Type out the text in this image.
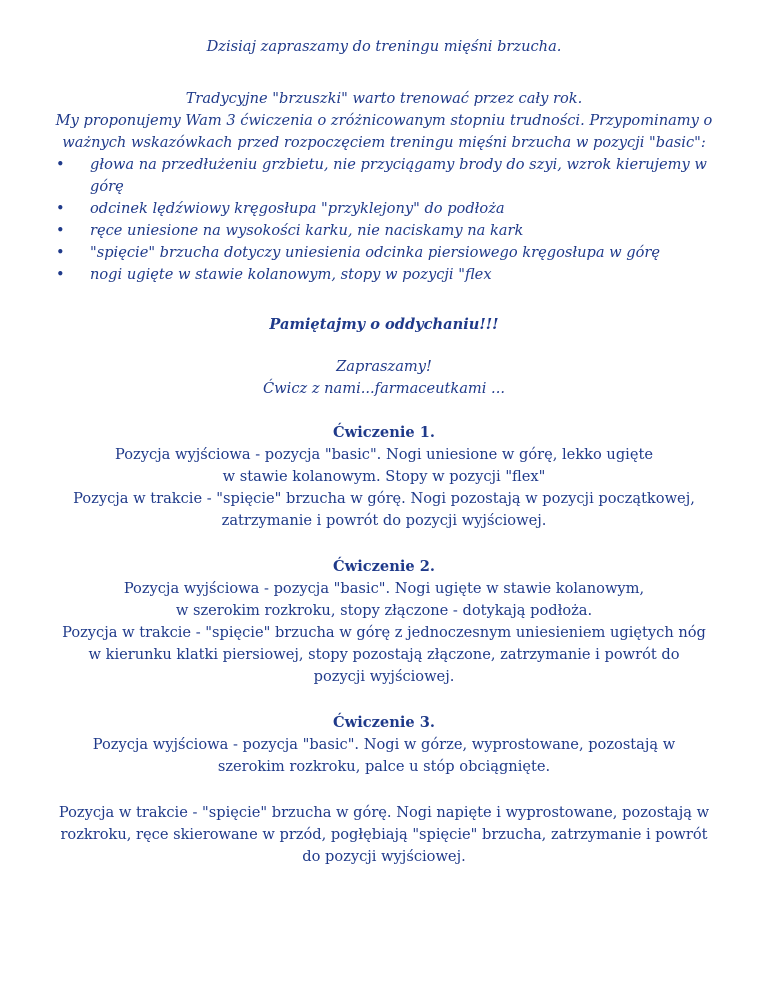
Dzisiaj zapraszamy do treningu mięśni brzucha.
Tradycyjne "brzuszki" warto trenować przez cały rok.
My proponujemy Wam 3 ćwiczenia o zróżnicowanym stopniu trudności. Przypominamy o
ważnych wskazówkach przed rozpoczęciem treningu mięśni brzucha w pozycji "basic":
•	głowa na przedłużeniu grzbietu, nie przyciągamy brody do szyi, wzrok kierujemy w
górę
•	odcinek lędźwiowy kręgosłupa "przyklejony" do podłoża
•	ręce uniesione na wysokości karku, nie naciskamy na kark
•	"spięcie" brzucha dotyczy uniesienia odcinka piersiowego kręgosłupa w górę
•	nogi ugięte w stawie kolanowym, stopy w pozycji "flex
Pamiętajmy o oddychaniu!!!
Zapraszamy!
Ćwicz z nami...farmaceutkami ...
Ćwiczenie 1.
Pozycja wyjściowa - pozycja "basic". Nogi uniesione w górę, lekko ugięte
w stawie kolanowym. Stopy w pozycji "flex"
Pozycja w trakcie - "spięcie" brzucha w górę. Nogi pozostają w pozycji początkowej,
zatrzymanie i powrót do pozycji wyjściowej.
Ćwiczenie 2.
Pozycja wyjściowa - pozycja "basic". Nogi ugięte w stawie kolanowym,
w szerokim rozkroku, stopy złączone - dotykają podłoża.
Pozycja w trakcie - "spięcie" brzucha w górę z jednoczesnym uniesieniem ugiętych nóg
w kierunku klatki piersiowej, stopy pozostają złączone, zatrzymanie i powrót do
pozycji wyjściowej.
Ćwiczenie 3.
Pozycja wyjściowa - pozycja "basic". Nogi w górze, wyprostowane, pozostają w
szerokim rozkroku, palce u stóp obciągnięte.
Pozycja w trakcie - "spięcie" brzucha w górę. Nogi napięte i wyprostowane, pozostają w
rozkroku, ręce skierowane w przód, pogłębiają "spięcie" brzucha, zatrzymanie i powrót
do pozycji wyjściowej.
